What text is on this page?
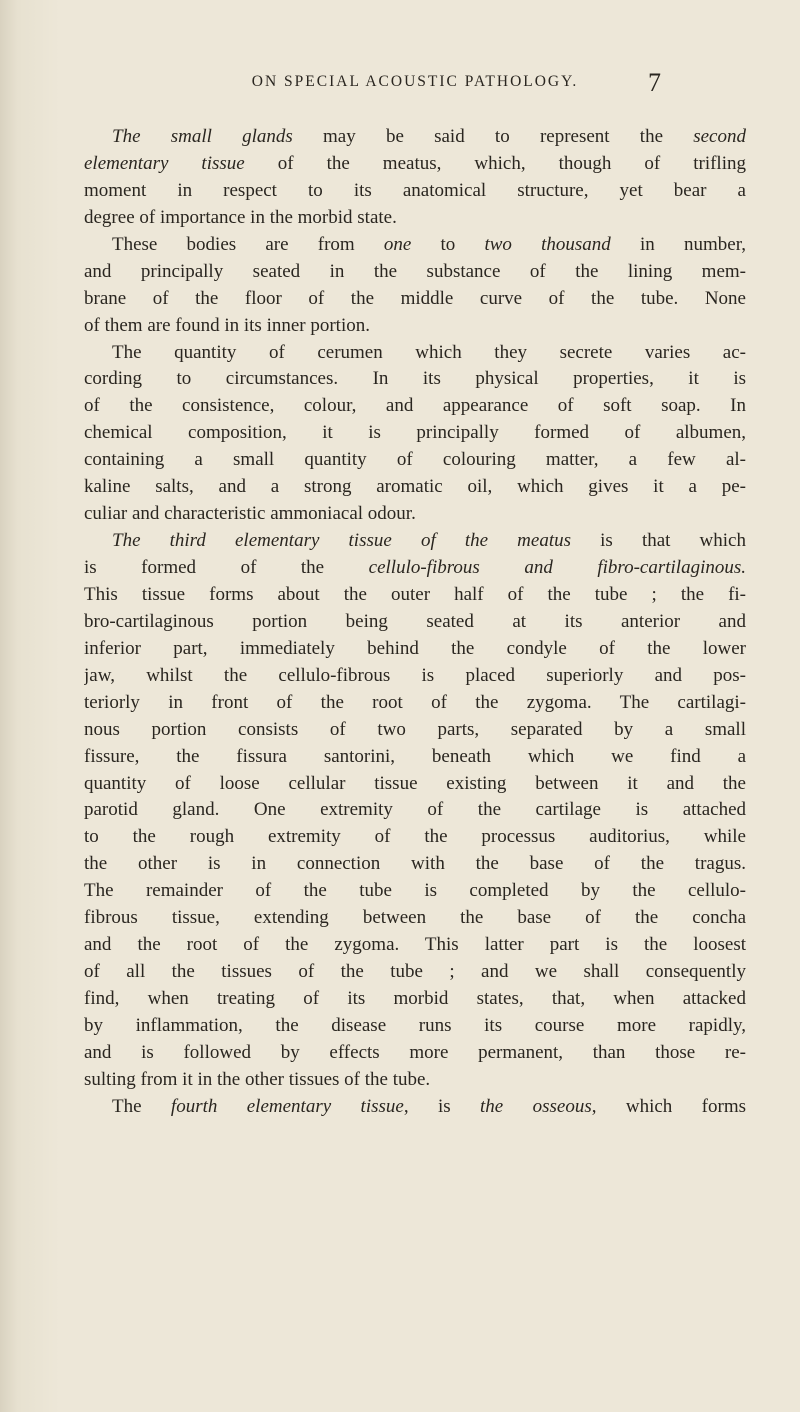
ON SPECIAL ACOUSTIC PATHOLOGY.	7
The small glands may be said to represent the second
elementary tissue of the meatus, which, though of trifling
moment in respect to its anatomical structure, yet bear a
degree of importance in the morbid state.
These bodies are from one to two thousand in number,
and principally seated in the substance of the lining mem-
brane of the floor of the middle curve of the tube. None
of them are found in its inner portion.
The quantity of cerumen which they secrete varies ac-
cording to circumstances. In its physical properties, it is
of the consistence, colour, and appearance of soft soap. In
chemical composition, it is principally formed of albumen,
containing a small quantity of colouring matter, a few al-
kaline salts, and a strong aromatic oil, which gives it a pe-
culiar and characteristic ammoniacal odour.
The third elementary tissue of the meatus is that which
is formed of the cellulo-fibrous and fibro-cartilaginous.
This tissue forms about the outer half of the tube ; the fi-
bro-cartilaginous portion being seated at its anterior and
inferior part, immediately behind the condyle of the lower
jaw, whilst the cellulo-fibrous is placed superiorly and pos-
teriorly in front of the root of the zygoma. The cartilagi-
nous portion consists of two parts, separated by a small
fissure, the fissura santorini, beneath which we find a
quantity of loose cellular tissue existing between it and the
parotid gland. One extremity of the cartilage is attached
to the rough extremity of the processus auditorius, while
the other is in connection with the base of the tragus.
The remainder of the tube is completed by the cellulo-
fibrous tissue, extending between the base of the concha
and the root of the zygoma. This latter part is the loosest
of all the tissues of the tube ; and we shall consequently
find, when treating of its morbid states, that, when attacked
by inflammation, the disease runs its course more rapidly,
and is followed by effects more permanent, than those re-
sulting from it in the other tissues of the tube.
The fourth elementary tissue, is the osseous, which forms
